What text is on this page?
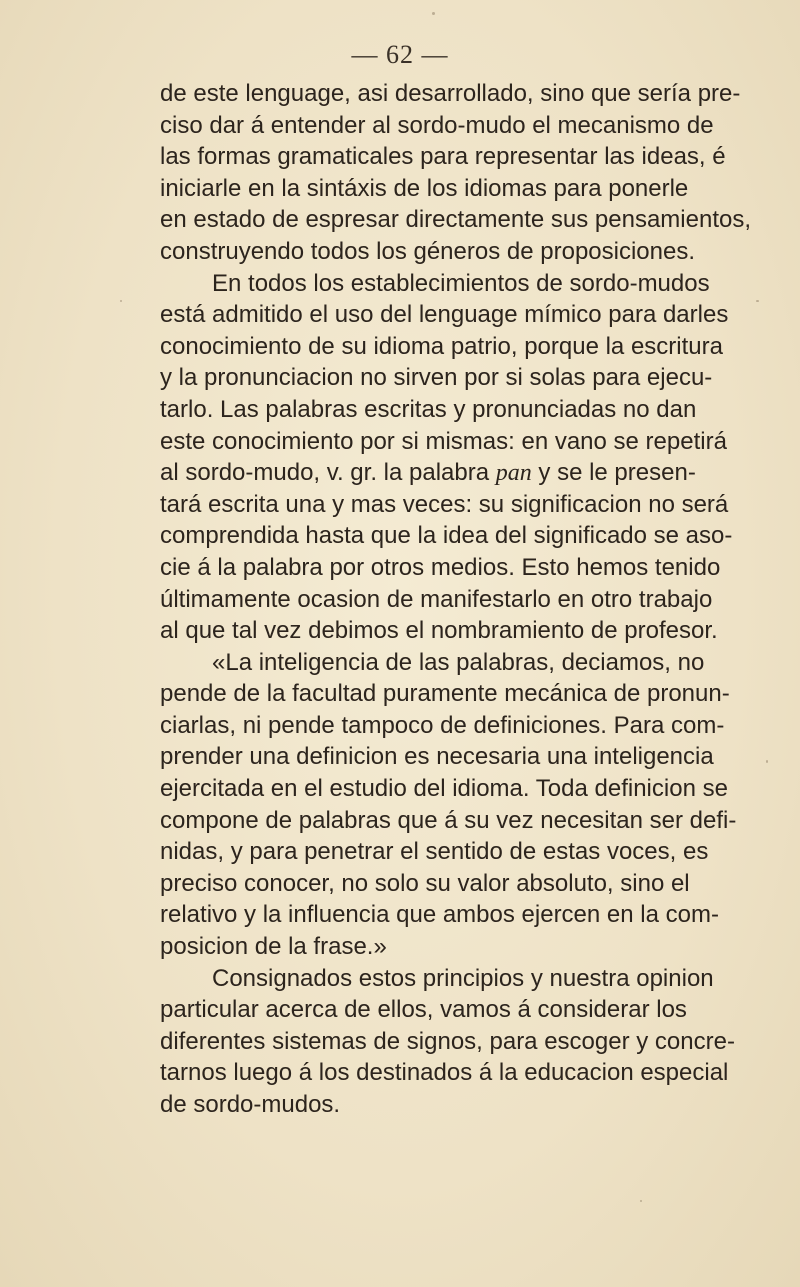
— 62 —
de este lenguage, asi desarrollado, sino que sería pre-
ciso dar á entender al sordo-mudo el mecanismo de
las formas gramaticales para representar las ideas, é
iniciarle en la sintáxis de los idiomas para ponerle
en estado de espresar directamente sus pensamientos,
construyendo todos los géneros de proposiciones.
En todos los establecimientos de sordo-mudos
está admitido el uso del lenguage mímico para darles
conocimiento de su idioma patrio, porque la escritura
y la pronunciacion no sirven por si solas para ejecu-
tarlo. Las palabras escritas y pronunciadas no dan
este conocimiento por si mismas: en vano se repetirá
al sordo-mudo, v. gr. la palabra pan y se le presen-
tará escrita una y mas veces: su significacion no será
comprendida hasta que la idea del significado se aso-
cie á la palabra por otros medios. Esto hemos tenido
últimamente ocasion de manifestarlo en otro trabajo
al que tal vez debimos el nombramiento de profesor.
«La inteligencia de las palabras, deciamos, no
pende de la facultad puramente mecánica de pronun-
ciarlas, ni pende tampoco de definiciones. Para com-
prender una definicion es necesaria una inteligencia
ejercitada en el estudio del idioma. Toda definicion se
compone de palabras que á su vez necesitan ser defi-
nidas, y para penetrar el sentido de estas voces, es
preciso conocer, no solo su valor absoluto, sino el
relativo y la influencia que ambos ejercen en la com-
posicion de la frase.»
Consignados estos principios y nuestra opinion
particular acerca de ellos, vamos á considerar los
diferentes sistemas de signos, para escoger y concre-
tarnos luego á los destinados á la educacion especial
de sordo-mudos.
